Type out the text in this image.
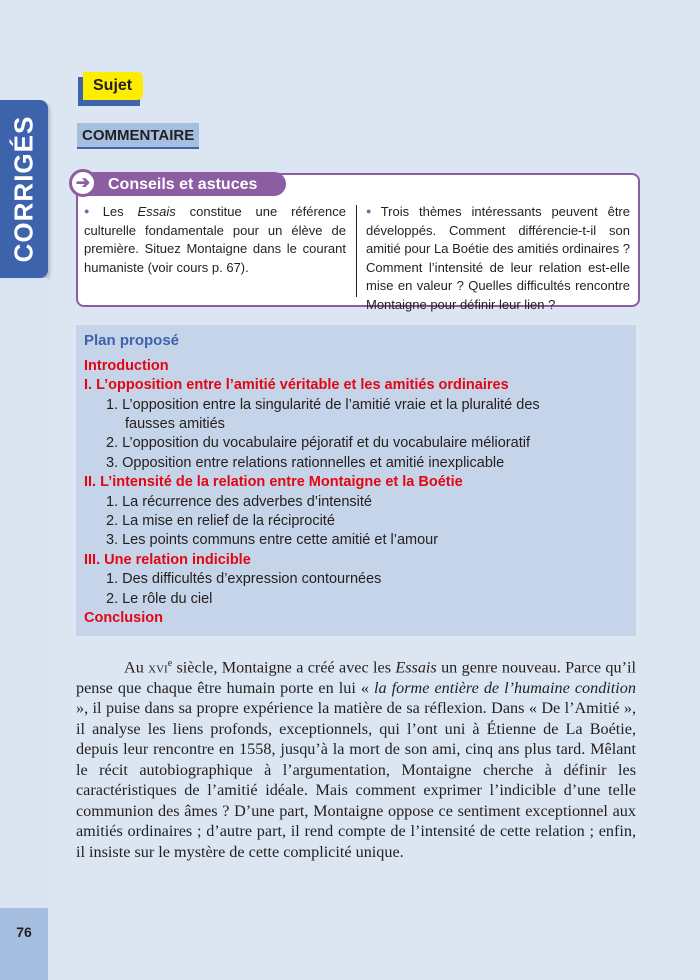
CORRIGÉS
76
Sujet
COMMENTAIRE
➔	Conseils et astuces
● Les Essais constitue une référence culturelle fondamentale pour un élève de première. Situez Montaigne dans le courant humaniste (voir cours p. 67).
● Trois thèmes intéressants peuvent être développés. Comment différencie-t-il son amitié pour La Boétie des amitiés ordinaires ? Comment l’intensité de leur relation est-elle mise en valeur ? Quelles difficultés rencontre Montaigne pour définir leur lien ?
Plan proposé
Introduction
I. L’opposition entre l’amitié véritable et les amitiés ordinaires
1. L’opposition entre la singularité de l’amitié vraie et la pluralité des
fausses amitiés
2. L’opposition du vocabulaire péjoratif et du vocabulaire mélioratif
3. Opposition entre relations rationnelles et amitié inexplicable
II. L’intensité de la relation entre Montaigne et la Boétie
1. La récurrence des adverbes d’intensité
2. La mise en relief de la réciprocité
3. Les points communs entre cette amitié et l’amour
III. Une relation indicible
1. Des difficultés d’expression contournées
2. Le rôle du ciel
Conclusion

Au xvi$^e$ siècle, Montaigne a créé avec les Essais un genre nouveau. Parce qu’il pense que chaque être humain porte en lui « la forme entière de l’humaine condition », il puise dans sa propre expérience la matière de sa réflexion. Dans « De l’Amitié », il analyse les liens profonds, exceptionnels, qui l’ont uni à Étienne de La Boétie, depuis leur rencontre en 1558, jusqu’à la mort de son ami, cinq ans plus tard. Mêlant le récit autobiographique à l’argumentation, Montaigne cherche à définir les caractéristiques de l’amitié idéale. Mais comment exprimer l’indicible d’une telle communion des âmes ? D’une part, Montaigne oppose ce sentiment exceptionnel aux amitiés ordinaires ; d’autre part, il rend compte de l’intensité de cette relation ; enfin, il insiste sur le mystère de cette complicité unique.
